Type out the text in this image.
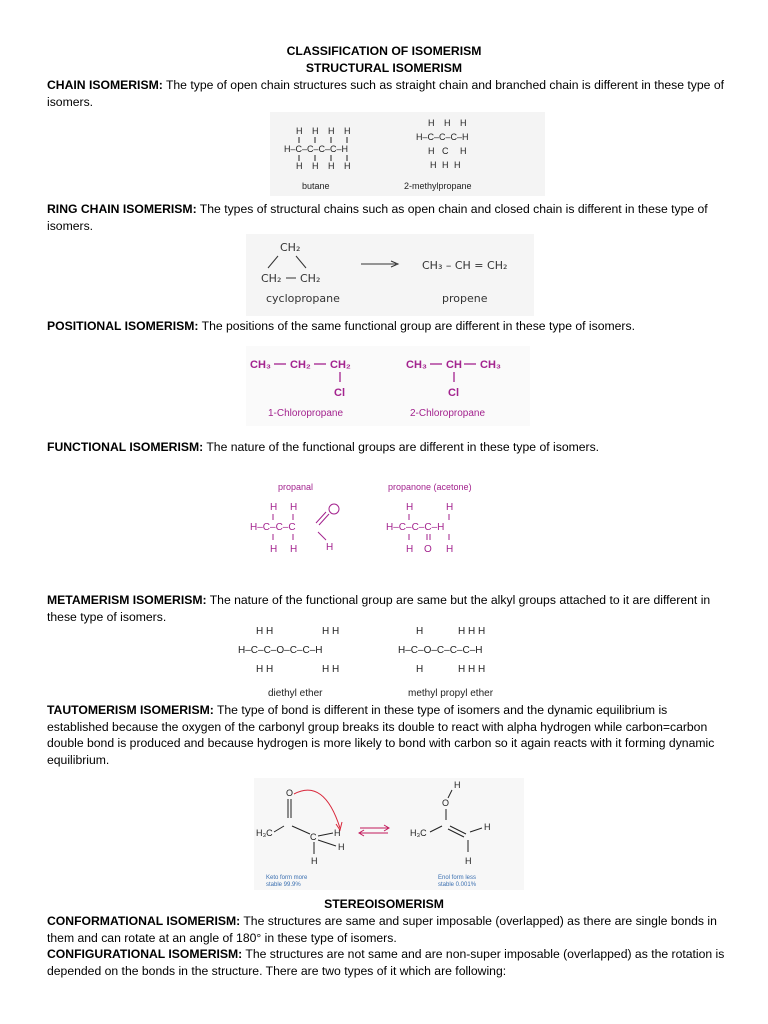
CLASSIFICATION OF ISOMERISM
STRUCTURAL ISOMERISM
CHAIN ISOMERISM: The type of open chain structures such as straight chain and branched chain is different in these type of isomers.
H H H H
H–C–C–C–C–H
H H H H
H H H
H–C–C–C–H
H C H
H H H
butane	2-methylpropane
RING CHAIN ISOMERISM: The types of structural chains such as open chain and closed chain is different in these type of isomers.
CH₂
CH₂ CH₂
cyclopropane
CH₃ – CH = CH₂
propene
POSITIONAL ISOMERISM: The positions of the same functional group are different in these type of isomers.
CH₃ CH₂ CH₂
Cl
CH₃ CH CH₃
Cl
1-Chloropropane	2-Chloropropane
FUNCTIONAL ISOMERISM: The nature of the functional groups are different in these type of isomers.
propanal	propanone (acetone)
H H
H–C–C–C
H H	H
H	H
H–C–C–C–H
H O H
METAMERISM ISOMERISM: The nature of the functional group are same but the alkyl groups attached to it are different in these type of isomers.
H H	H H
H–C–C–O–C–C–H
H H	H H
H	H H H
H–C–O–C–C–C–H
H	H H H
diethyl ether	methyl propyl ether
TAUTOMERISM ISOMERISM: The type of bond is different in these type of isomers and the dynamic equilibrium is established because the oxygen of the carbonyl group breaks its double to react with alpha hydrogen while carbon=carbon double bond is produced and because hydrogen is more likely to bond with carbon so it again reacts with it forming dynamic equilibrium.
O
H₃C	C H
H
H
H
O
H₃C
H
H
Keto form more
stable 99.9%
Enol form less
stable 0.001%
STEREOISOMERISM
CONFORMATIONAL ISOMERISM: The structures are same and super imposable (overlapped) as there are single bonds in them and can rotate at an angle of 180° in these type of isomers.
CONFIGURATIONAL ISOMERISM: The structures are not same and are non-super imposable (overlapped) as the rotation is depended on the bonds in the structure. There are two types of it which are following:
